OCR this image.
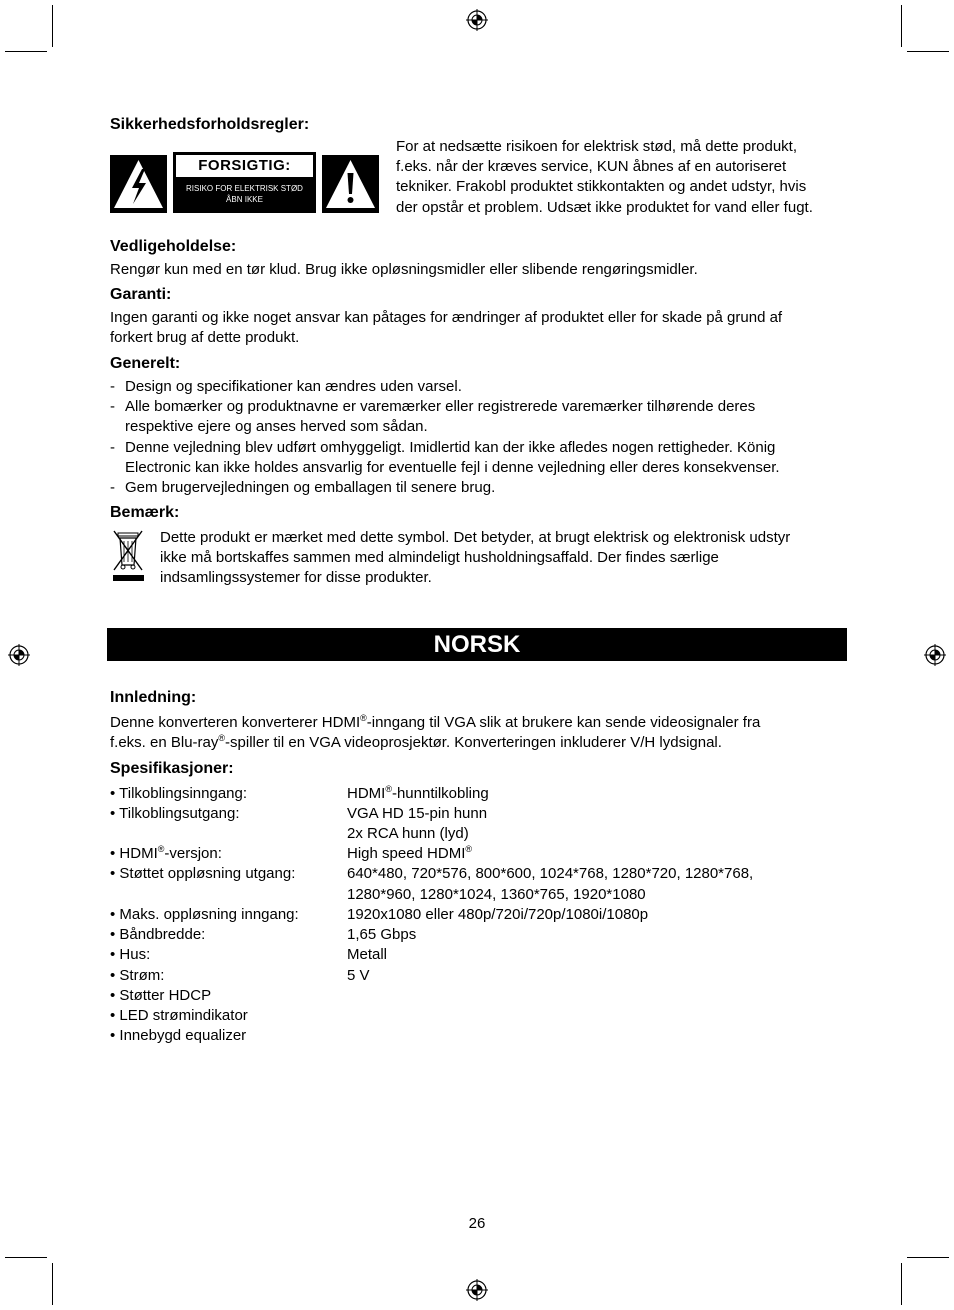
Sikkerhedsforholdsregler:
FORSIGTIG:
RISIKO FOR ELEKTRISK STØD
ÅBN IKKE
For at nedsætte risikoen for elektrisk stød, må dette produkt,
f.eks. når der kræves service, KUN åbnes af en autoriseret
tekniker. Frakobl produktet stikkontakten og andet udstyr, hvis
der opstår et problem. Udsæt ikke produktet for vand eller fugt.
Vedligeholdelse:
Rengør kun med en tør klud. Brug ikke opløsningsmidler eller slibende rengøringsmidler.
Garanti:
Ingen garanti og ikke noget ansvar kan påtages for ændringer af produktet eller for skade på grund af
forkert brug af dette produkt.
Generelt:
- Design og specifikationer kan ændres uden varsel.
- Alle bomærker og produktnavne er varemærker eller registrerede varemærker tilhørende deres
respektive ejere og anses herved som sådan.
- Denne vejledning blev udført omhyggeligt. Imidlertid kan der ikke afledes nogen rettigheder. König
Electronic kan ikke holdes ansvarlig for eventuelle fejl i denne vejledning eller deres konsekvenser.
- Gem brugervejledningen og emballagen til senere brug.
Bemærk:
Dette produkt er mærket med dette symbol. Det betyder, at brugt elektrisk og elektronisk udstyr
ikke må bortskaffes sammen med almindeligt husholdningsaffald. Der findes særlige
indsamlingssystemer for disse produkter.
NORSK
Innledning:
Denne konverteren konverterer HDMI®-inngang til VGA slik at brukere kan sende videosignaler fra
f.eks. en Blu-ray®-spiller til en VGA videoprosjektør. Konverteringen inkluderer V/H lydsignal.
Spesifikasjoner:
• Tilkoblingsinngang:	HDMI®-hunntilkobling
• Tilkoblingsutgang:	VGA HD 15-pin hunn
2x RCA hunn (lyd)
• HDMI®-versjon:	High speed HDMI®
• Støttet oppløsning utgang:	640*480, 720*576, 800*600, 1024*768, 1280*720, 1280*768,
1280*960, 1280*1024, 1360*765, 1920*1080
• Maks. oppløsning inngang:	1920x1080 eller 480p/720i/720p/1080i/1080p
• Båndbredde:	1,65 Gbps
• Hus:	Metall
• Strøm:	5 V
• Støtter HDCP
• LED strømindikator
• Innebygd equalizer
26
